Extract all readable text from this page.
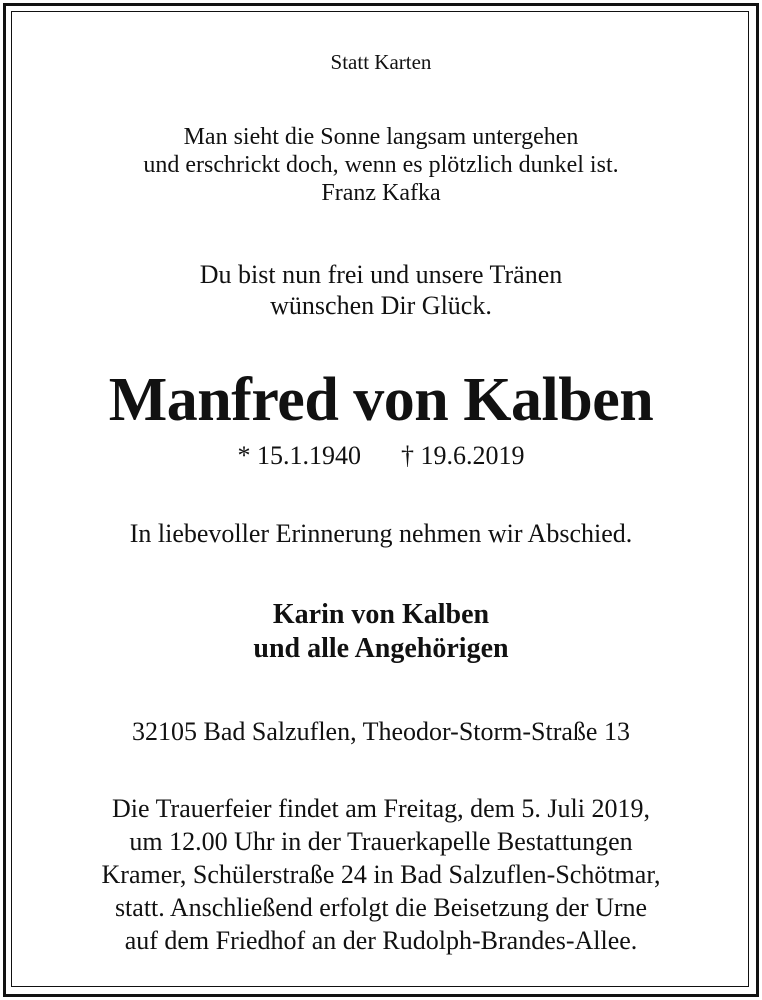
Statt Karten

Man sieht die Sonne langsam untergehen
und erschrickt doch, wenn es plötzlich dunkel ist.
Franz Kafka

Du bist nun frei und unsere Tränen
wünschen Dir Glück.

Manfred von Kalben

* 15.1.1940 † 19.6.2019

In liebevoller Erinnerung nehmen wir Abschied.

Karin von Kalben
und alle Angehörigen

32105 Bad Salzuflen, Theodor-Storm-Straße 13

Die Trauerfeier findet am Freitag, dem 5. Juli 2019,
um 12.00 Uhr in der Trauerkapelle Bestattungen
Kramer, Schülerstraße 24 in Bad Salzuflen-Schötmar,
statt. Anschließend erfolgt die Beisetzung der Urne
auf dem Friedhof an der Rudolph-Brandes-Allee.
